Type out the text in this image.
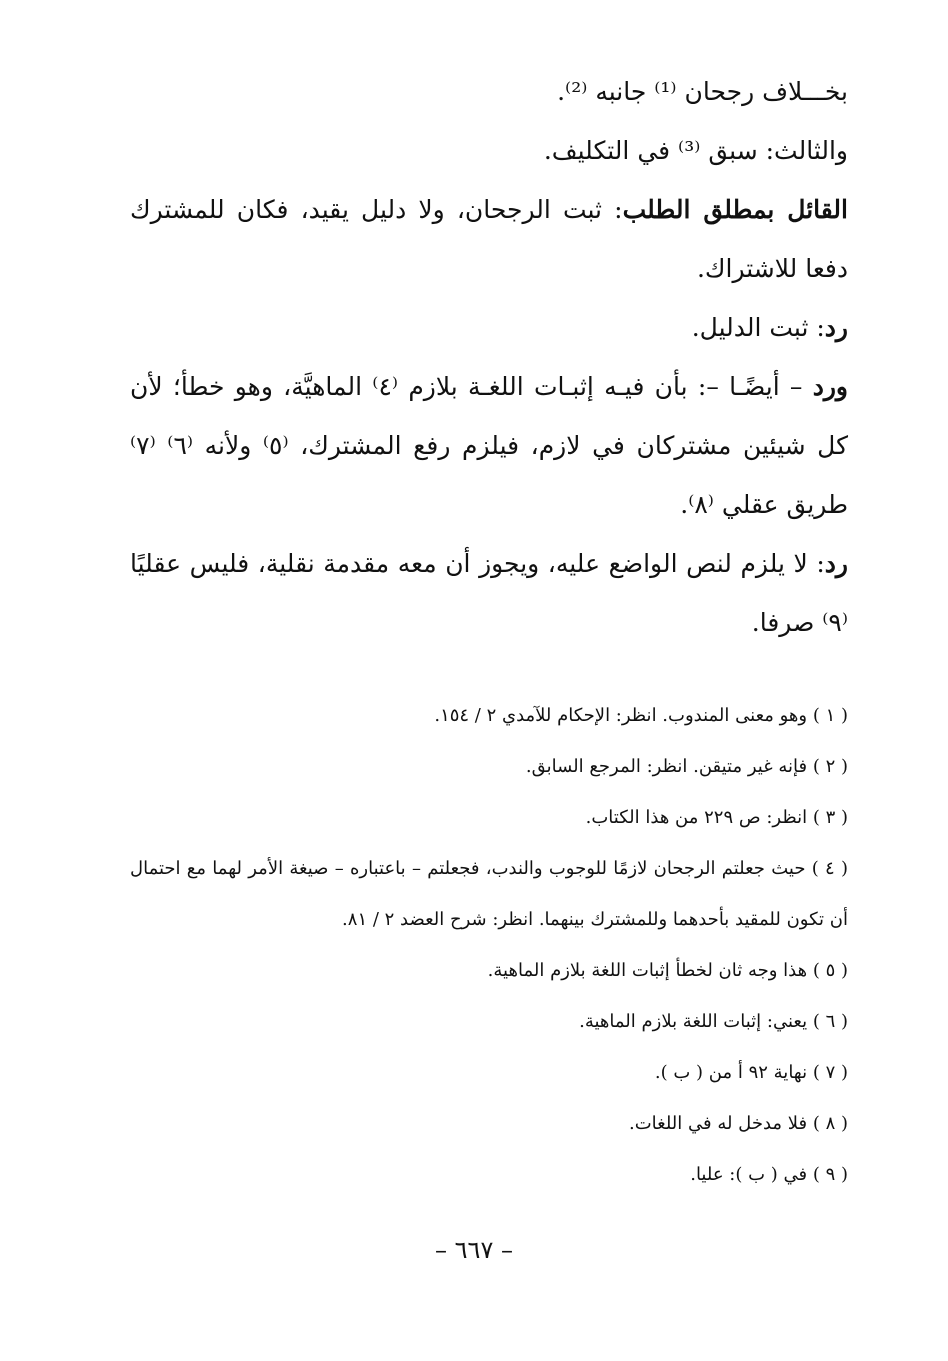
بخـــلاف رجحان ⁽¹⁾ جانبه ⁽²⁾.

والثالث: سبق ⁽³⁾ في التكليف.

القائل بمطلق الطلب: ثبت الرجحان، ولا دليل يقيد، فكان للمشترك دفعا للاشتراك.

رد: ثبت الدليل.

ورد – أيضًـا –: بأن فيـه إثبـات اللغـة بلازم ⁽٤⁾ الماهيَّة، وهو خطأ؛ لأن كل شيئين مشتركان في لازم، فيلزم رفع المشترك، ⁽٥⁾ ولأنه ⁽٦⁾ ⁽٧⁾ طريق عقلي ⁽٨⁾.

رد: لا يلزم لنص الواضع عليه، ويجوز أن معه مقدمة نقلية، فليس عقليًا ⁽٩⁾ صرفا.

( ١ ) وهو معنى المندوب. انظر: الإحكام للآمدي ٢ / ١٥٤.

( ٢ ) فإنه غير متيقن. انظر: المرجع السابق.

( ٣ ) انظر: ص ٢٢٩ من هذا الكتاب.

( ٤ ) حيث جعلتم الرجحان لازمًا للوجوب والندب، فجعلتم – باعتباره – صيغة الأمر لهما مع احتمال أن تكون للمقيد بأحدهما وللمشترك بينهما. انظر: شرح العضد ٢ / ٨١.

( ٥ ) هذا وجه ثان لخطأ إثبات اللغة بلازم الماهية.

( ٦ ) يعني: إثبات اللغة بلازم الماهية.

( ٧ ) نهاية ٩٢ أ من ( ب ).

( ٨ ) فلا مدخل له في اللغات.

( ٩ ) في ( ب ): عليا.

– ٦٦٧ –
